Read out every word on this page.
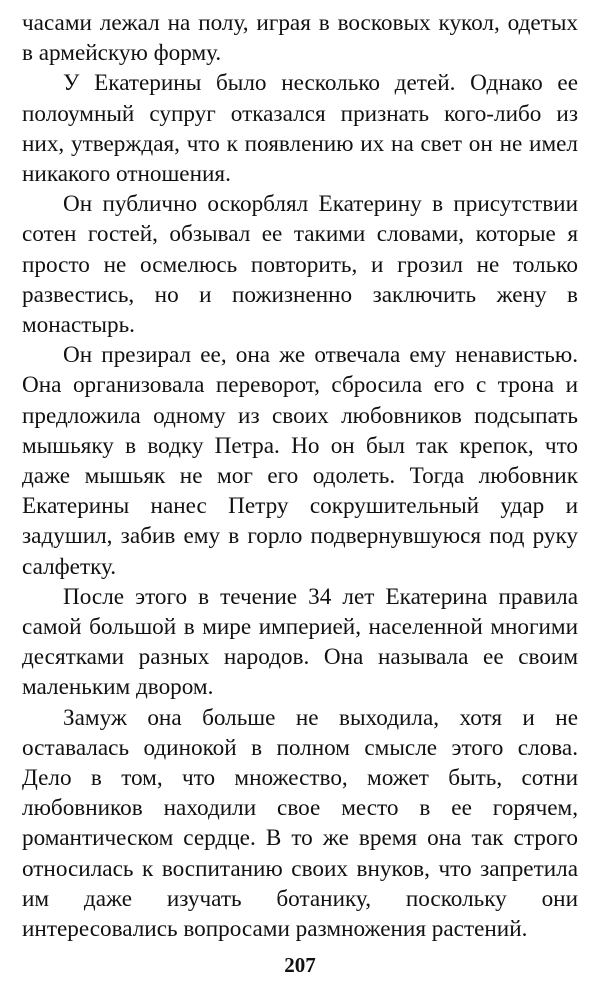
часами лежал на полу, играя в восковых кукол, одетых в армейскую форму.

У Екатерины было несколько детей. Однако ее полоумный супруг отказался признать кого-либо из них, утверждая, что к появлению их на свет он не имел никакого отношения.

Он публично оскорблял Екатерину в присутствии сотен гостей, обзывал ее такими словами, которые я просто не осмелюсь повторить, и грозил не только развестись, но и пожизненно заключить жену в монастырь.

Он презирал ее, она же отвечала ему ненавистью. Она организовала переворот, сбросила его с трона и предложила одному из своих любовников подсыпать мышьяку в водку Петра. Но он был так крепок, что даже мышьяк не мог его одолеть. Тогда любовник Екатерины нанес Петру сокрушительный удар и задушил, забив ему в горло подвернувшуюся под руку салфетку.

После этого в течение 34 лет Екатерина правила самой большой в мире империей, населенной многими десятками разных народов. Она называла ее своим маленьким двором.

Замуж она больше не выходила, хотя и не оставалась одинокой в полном смысле этого слова. Дело в том, что множество, может быть, сотни любовников находили свое место в ее горячем, романтическом сердце. В то же время она так строго относилась к воспитанию своих внуков, что запретила им даже изучать ботанику, поскольку они интересовались вопросами размножения растений.

207
